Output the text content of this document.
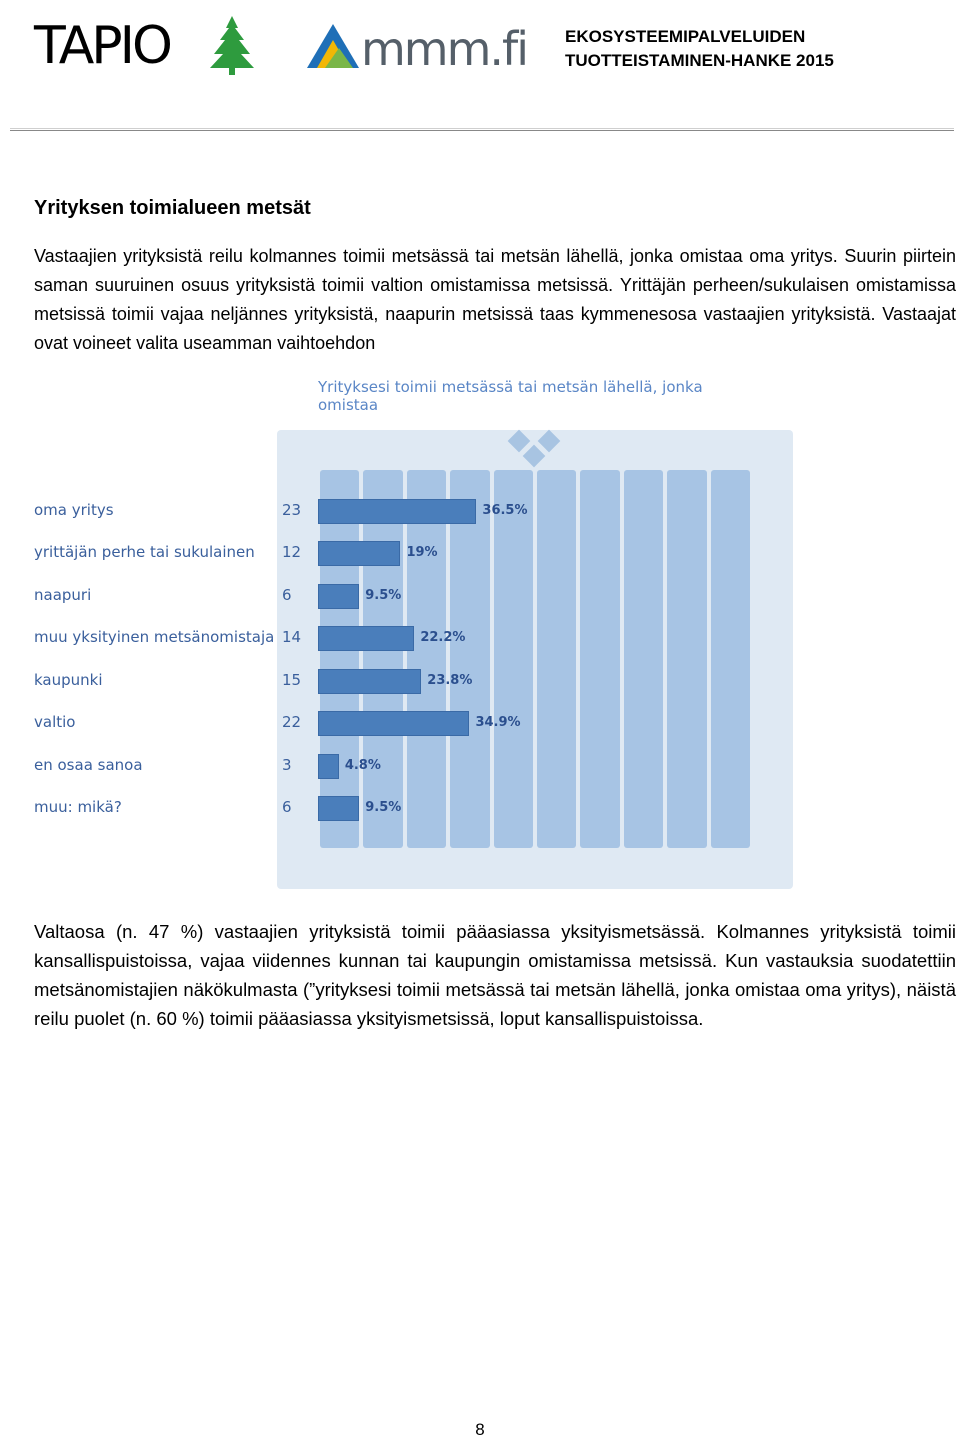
TAPIO	mmm.fi EKOSYSTEEMIPALVELUIDEN
TUOTTEISTAMINEN-HANKE 2015
Yrityksen toimialueen metsät
Vastaajien yrityksistä reilu kolmannes toimii metsässä tai metsän lähellä, jonka omistaa oma yritys. Suurin piirtein saman suuruinen osuus yrityksistä toimii valtion omistamissa metsissä. Yrittäjän perheen/sukulaisen omistamissa metsissä toimii vajaa neljännes yrityksistä, naapurin metsissä taas kymmenesosa vastaajien yrityksistä. Vastaajat ovat voineet valita useamman vaihtoehdon
Yrityksesi toimii metsässä tai metsän lähellä, jonka omistaa
oma yritys	23	36.5%
yrittäjän perhe tai sukulainen 12	19%
naapuri	6	9.5%
muu yksityinen metsänomistaja 14	22.2%
kaupunki	15	23.8%
valtio	22	34.9%
en osaa sanoa	3	4.8%
muu: mikä?	6	9.5%
Valtaosa (n. 47 %) vastaajien yrityksistä toimii pääasiassa yksityismetsässä. Kolmannes yrityksistä toimii kansallispuistoissa, vajaa viidennes kunnan tai kaupungin omistamissa metsissä. Kun vastauksia suodatettiin metsänomistajien näkökulmasta (”yrityksesi toimii metsässä tai metsän lähellä, jonka omistaa oma yritys), näistä reilu puolet (n. 60 %) toimii pääasiassa yksityismetsissä, loput kansallispuistoissa.
8
